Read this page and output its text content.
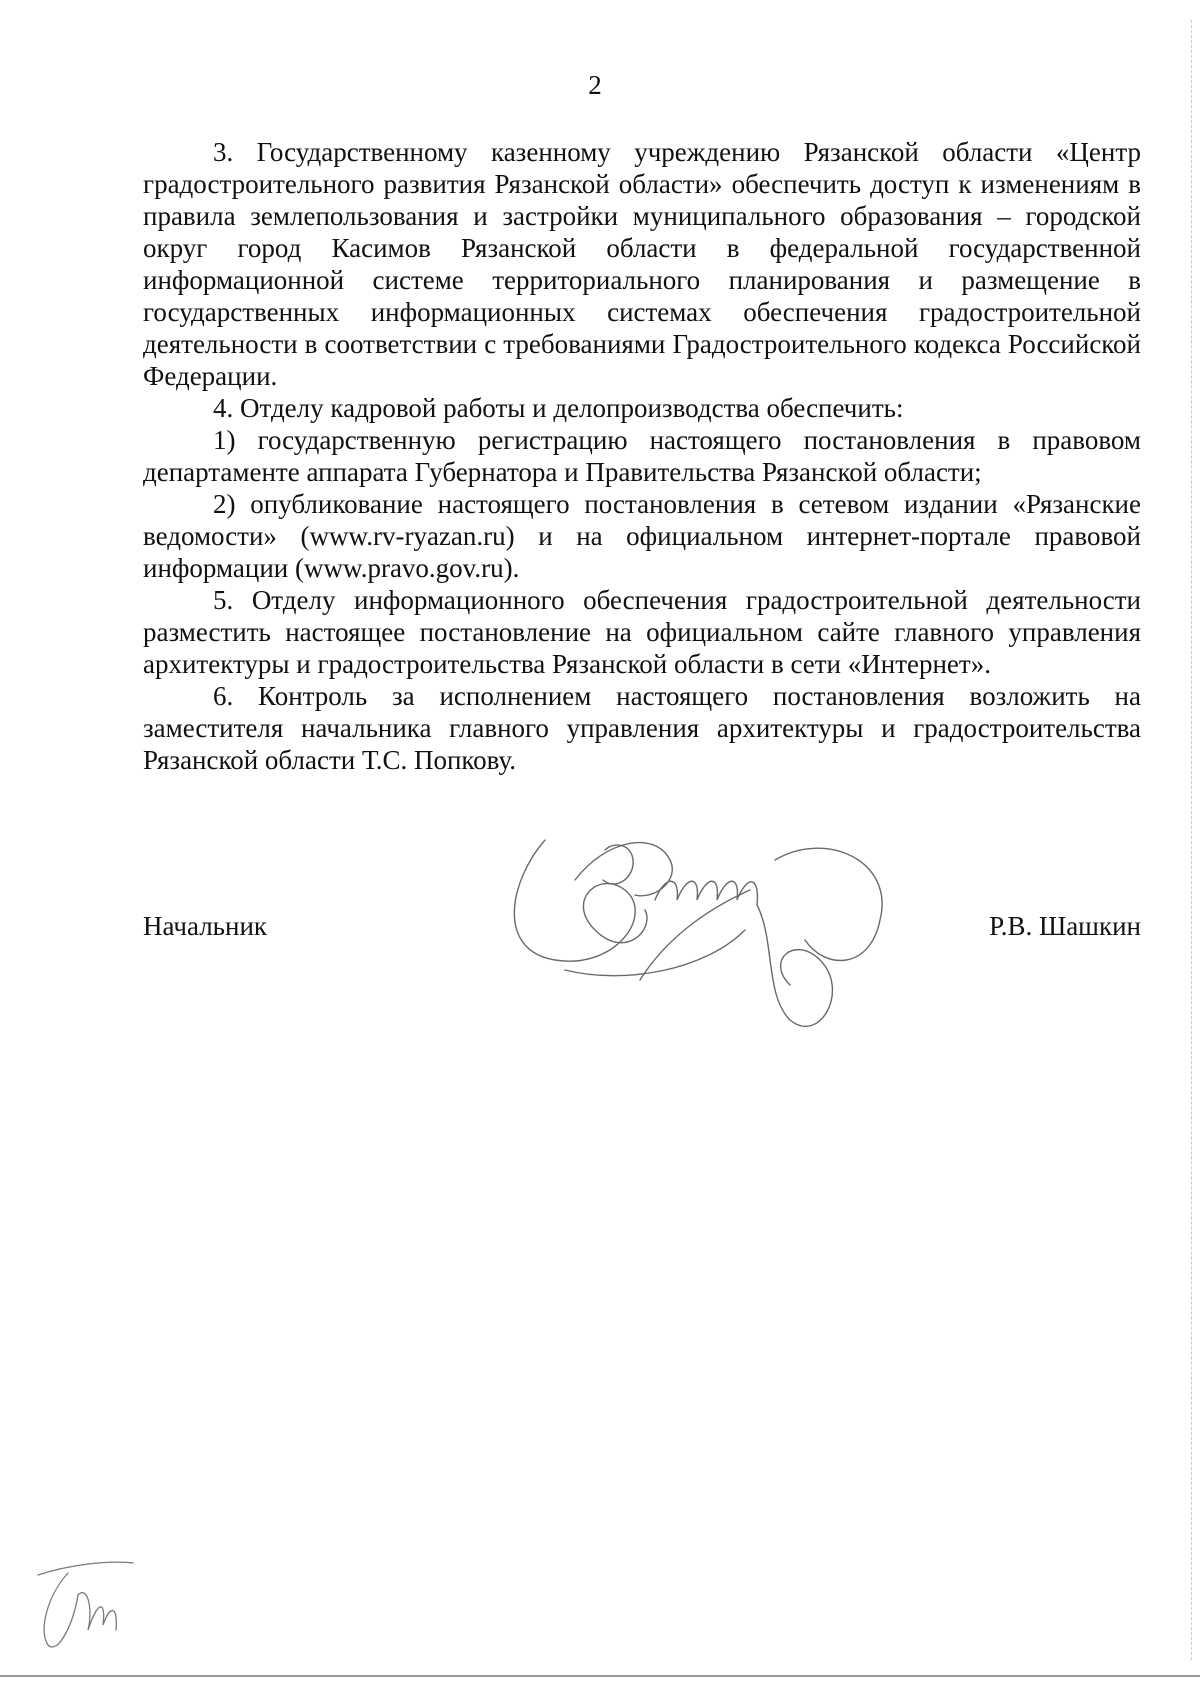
2

3. Государственному казенному учреждению Рязанской области «Центр градостроительного развития Рязанской области» обеспечить доступ к изменениям в правила землепользования и застройки муниципального образования – городской округ город Касимов Рязанской области в федеральной государственной информационной системе территориального планирования и размещение в государственных информационных системах обеспечения градостроительной деятельности в соответствии с требованиями Градостроительного кодекса Российской Федерации.

4. Отделу кадровой работы и делопроизводства обеспечить:

1) государственную регистрацию настоящего постановления в правовом департаменте аппарата Губернатора и Правительства Рязанской области;

2) опубликование настоящего постановления в сетевом издании «Рязанские ведомости» (www.rv-ryazan.ru) и на официальном интернет-портале правовой информации (www.pravo.gov.ru).

5. Отделу информационного обеспечения градостроительной деятельности разместить настоящее постановление на официальном сайте главного управления архитектуры и градостроительства Рязанской области в сети «Интернет».

6. Контроль за исполнением настоящего постановления возложить на заместителя начальника главного управления архитектуры и градостроительства Рязанской области Т.С. Попкову.

Начальник	Р.В. Шашкин
